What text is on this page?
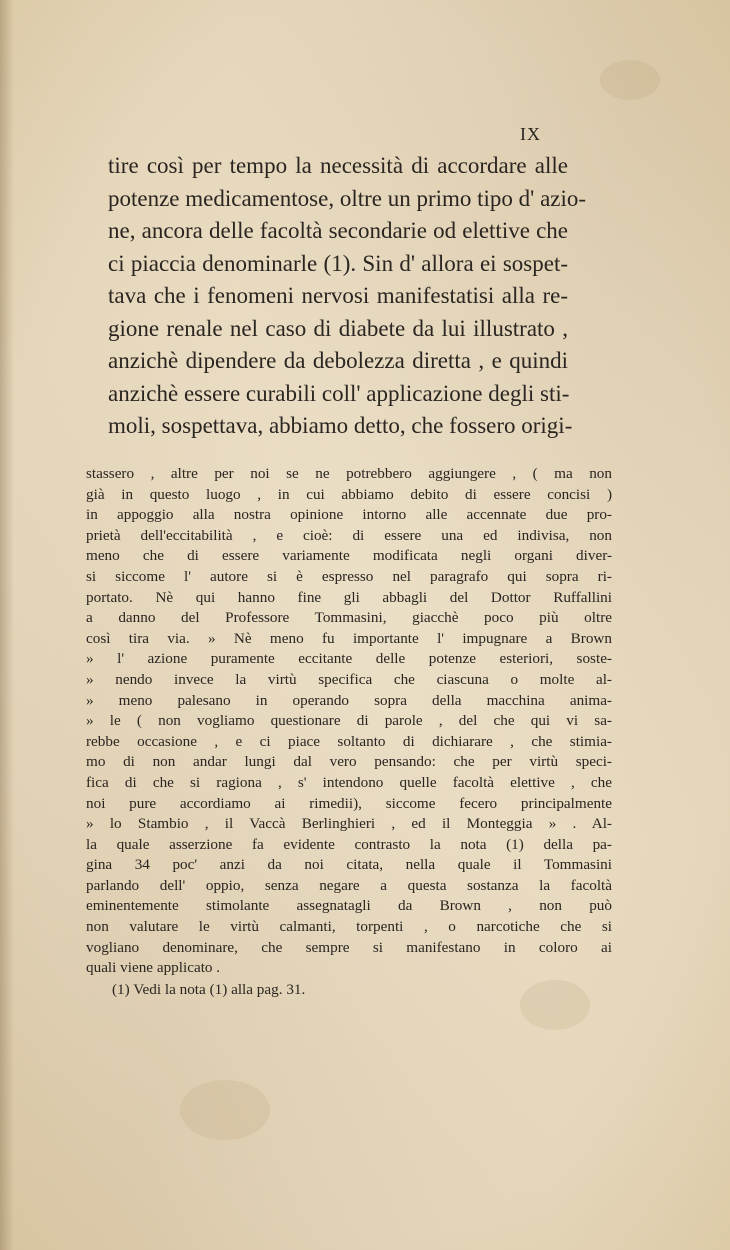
IX
tire così per tempo la necessità di accordare alle
potenze medicamentose, oltre un primo tipo d' azio-
ne, ancora delle facoltà secondarie od elettive che
ci piaccia denominarle (1). Sin d' allora ei sospet-
tava che i fenomeni nervosi manifestatisi alla re-
gione renale nel caso di diabete da lui illustrato ,
anzichè dipendere da debolezza diretta , e quindi
anzichè essere curabili coll' applicazione degli sti-
moli, sospettava, abbiamo detto, che fossero origi-
stassero , altre per noi se ne potrebbero aggiungere , ( ma non
già in questo luogo , in cui abbiamo debito di essere concisi )
in appoggio alla nostra opinione intorno alle accennate due pro-
prietà dell'eccitabilità , e cioè: di essere una ed indivisa, non
meno che di essere variamente modificata negli organi diver-
si siccome l' autore si è espresso nel paragrafo qui sopra ri-
portato. Nè qui hanno fine gli abbagli del Dottor Ruffallini
a danno del Professore Tommasini, giacchè poco più oltre
così tira via. » Nè meno fu importante l' impugnare a Brown
» l' azione puramente eccitante delle potenze esteriori, soste-
» nendo invece la virtù specifica che ciascuna o molte al-
» meno palesano in operando sopra della macchina anima-
» le ( non vogliamo questionare di parole , del che qui vi sa-
rebbe occasione , e ci piace soltanto di dichiarare , che stimia-
mo di non andar lungi dal vero pensando: che per virtù speci-
fica di che si ragiona , s' intendono quelle facoltà elettive , che
noi pure accordiamo ai rimedii), siccome fecero principalmente
» lo Stambio , il Vaccà Berlinghieri , ed il Monteggia » . Al-
la quale asserzione fa evidente contrasto la nota (1) della pa-
gina 34 poc' anzi da noi citata, nella quale il Tommasini
parlando dell' oppio, senza negare a questa sostanza la facoltà
eminentemente stimolante assegnatagli da Brown , non può
non valutare le virtù calmanti, torpenti , o narcotiche che si
vogliano denominare, che sempre si manifestano in coloro ai
quali viene applicato .
(1) Vedi la nota (1) alla pag. 31.
